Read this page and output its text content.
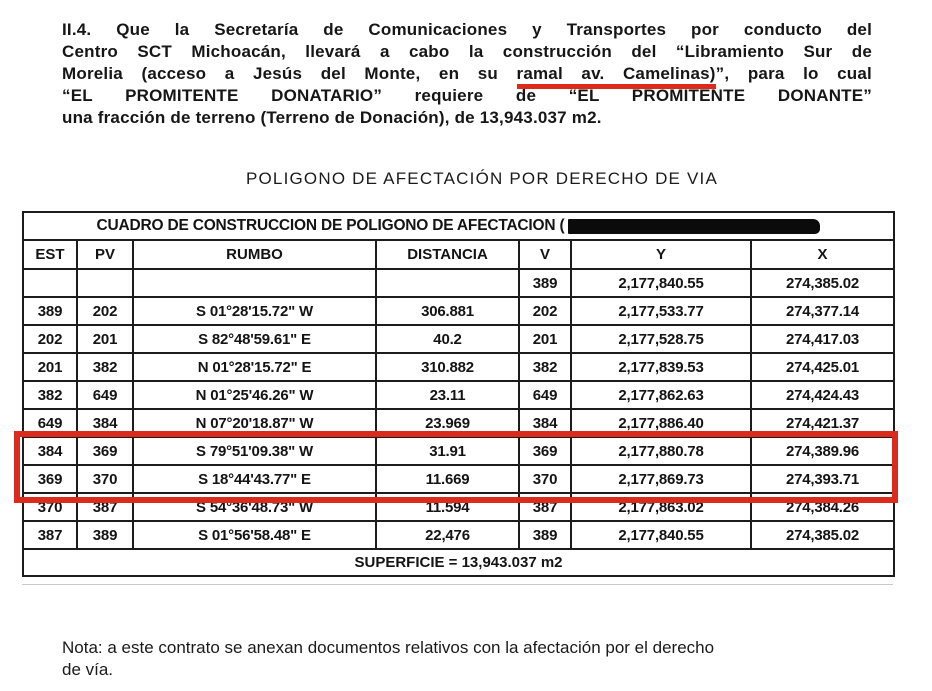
II.4. Que la Secretaría de Comunicaciones y Transportes por conducto del
Centro SCT Michoacán, llevará a cabo la construcción del “Libramiento Sur de
Morelia (acceso a Jesús del Monte, en su ramal av. Camelinas)”, para lo cual
“EL PROMITENTE DONATARIO” requiere de “EL PROMITENTE DONANTE”
una fracción de terreno (Terreno de Donación), de 13,943.037 m2.
POLIGONO DE AFECTACIÓN POR DERECHO DE VIA
CUADRO DE CONSTRUCCION DE POLIGONO DE AFECTACION (						

EST	PV	RUMBO	DISTANCIA	V	Y	X
				389	2,177,840.55	274,385.02
389	202	S 01°28'15.72" W	306.881	202	2,177,533.77	274,377.14
202	201	S 82°48'59.61" E	40.2	201	2,177,528.75	274,417.03
201	382	N 01°28'15.72" E	310.882	382	2,177,839.53	274,425.01
382	649	N 01°25'46.26" W	23.11	649	2,177,862.63	274,424.43
649	384	N 07°20'18.87" W	23.969	384	2,177,886.40	274,421.37
384	369	S 79°51'09.38" W	31.91	369	2,177,880.78	274,389.96
369	370	S 18°44'43.77" E	11.669	370	2,177,869.73	274,393.71
370	387	S 54°36'48.73" W	11.594	387	2,177,863.02	274,384.26
387	389	S 01°56'58.48" E	22,476	389	2,177,840.55	274,385.02
SUPERFICIE = 13,943.037 m2						
Nota: a este contrato se anexan documentos relativos con la afectación por el derecho
de vía.
